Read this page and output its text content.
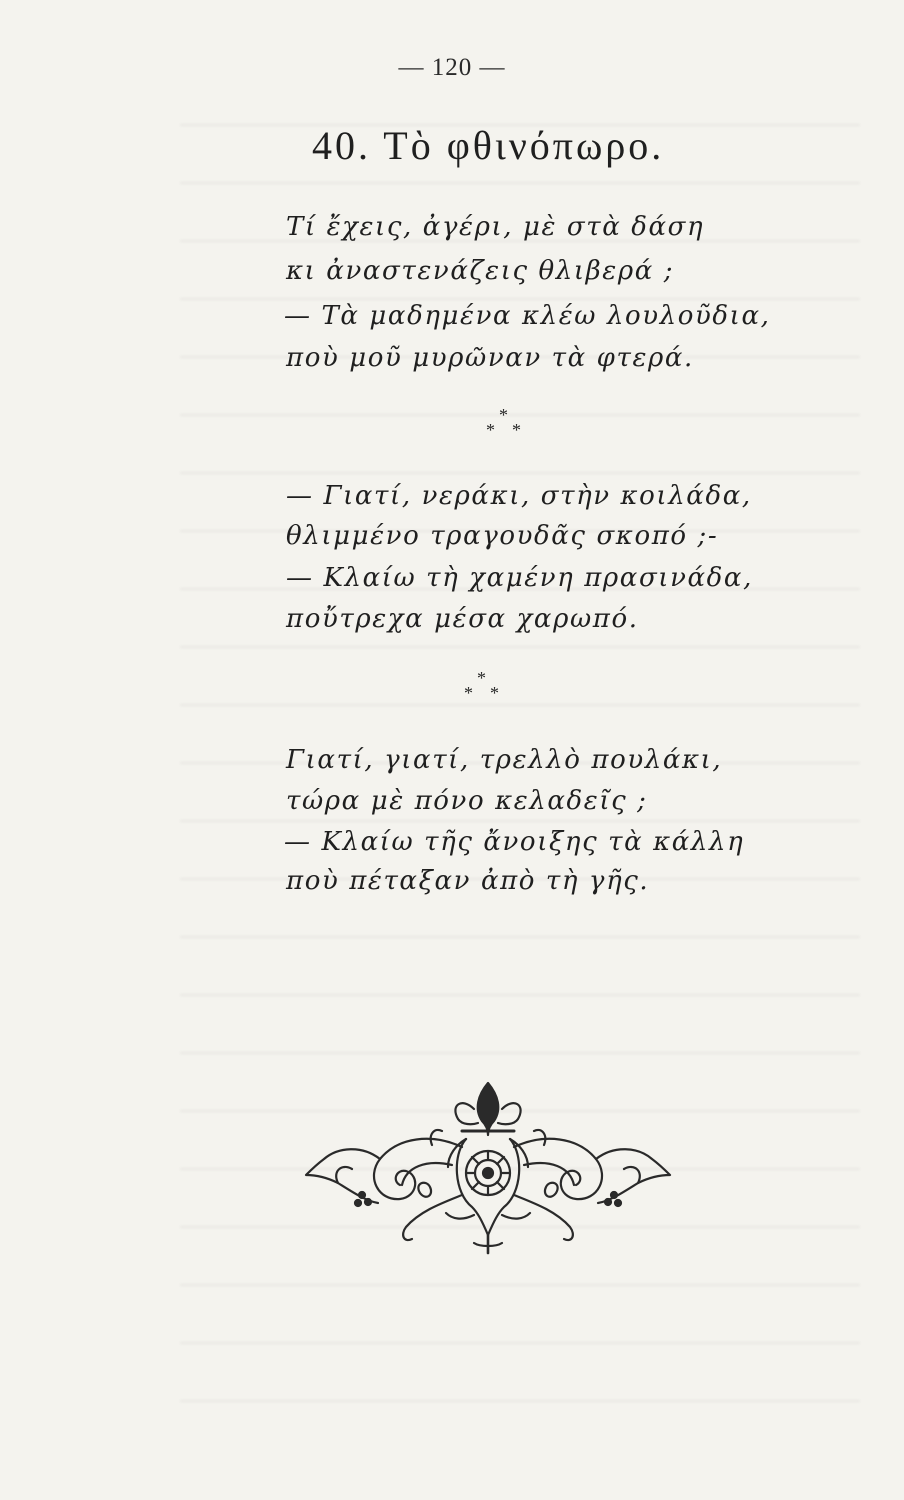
— 120 —
40. Τὸ φθινόπωρο.
Τί ἔχεις, ἀγέρι, μὲ στὰ δάση
κι ἀναστενάζεις θλιβερά ;
— Τὰ μαδημένα κλέω λουλοῦδια,
ποὺ μοῦ μυρῶναν τὰ φτερά.
*
* *
— Γιατί, νεράκι, στὴν κοιλάδα,
θλιμμένο τραγουδᾶς σκοπό ;-
— Κλαίω τὴ χαμένη πρασινάδα,
ποὔτρεχα μέσα χαρωπό.
*
* *
Γιατί, γιατί, τρελλὸ πουλάκι,
τώρα μὲ πόνο κελαδεῖς ;
— Κλαίω τῆς ἄνοιξης τὰ κάλλη
ποὺ πέταξαν ἀπὸ τὴ γῆς.
